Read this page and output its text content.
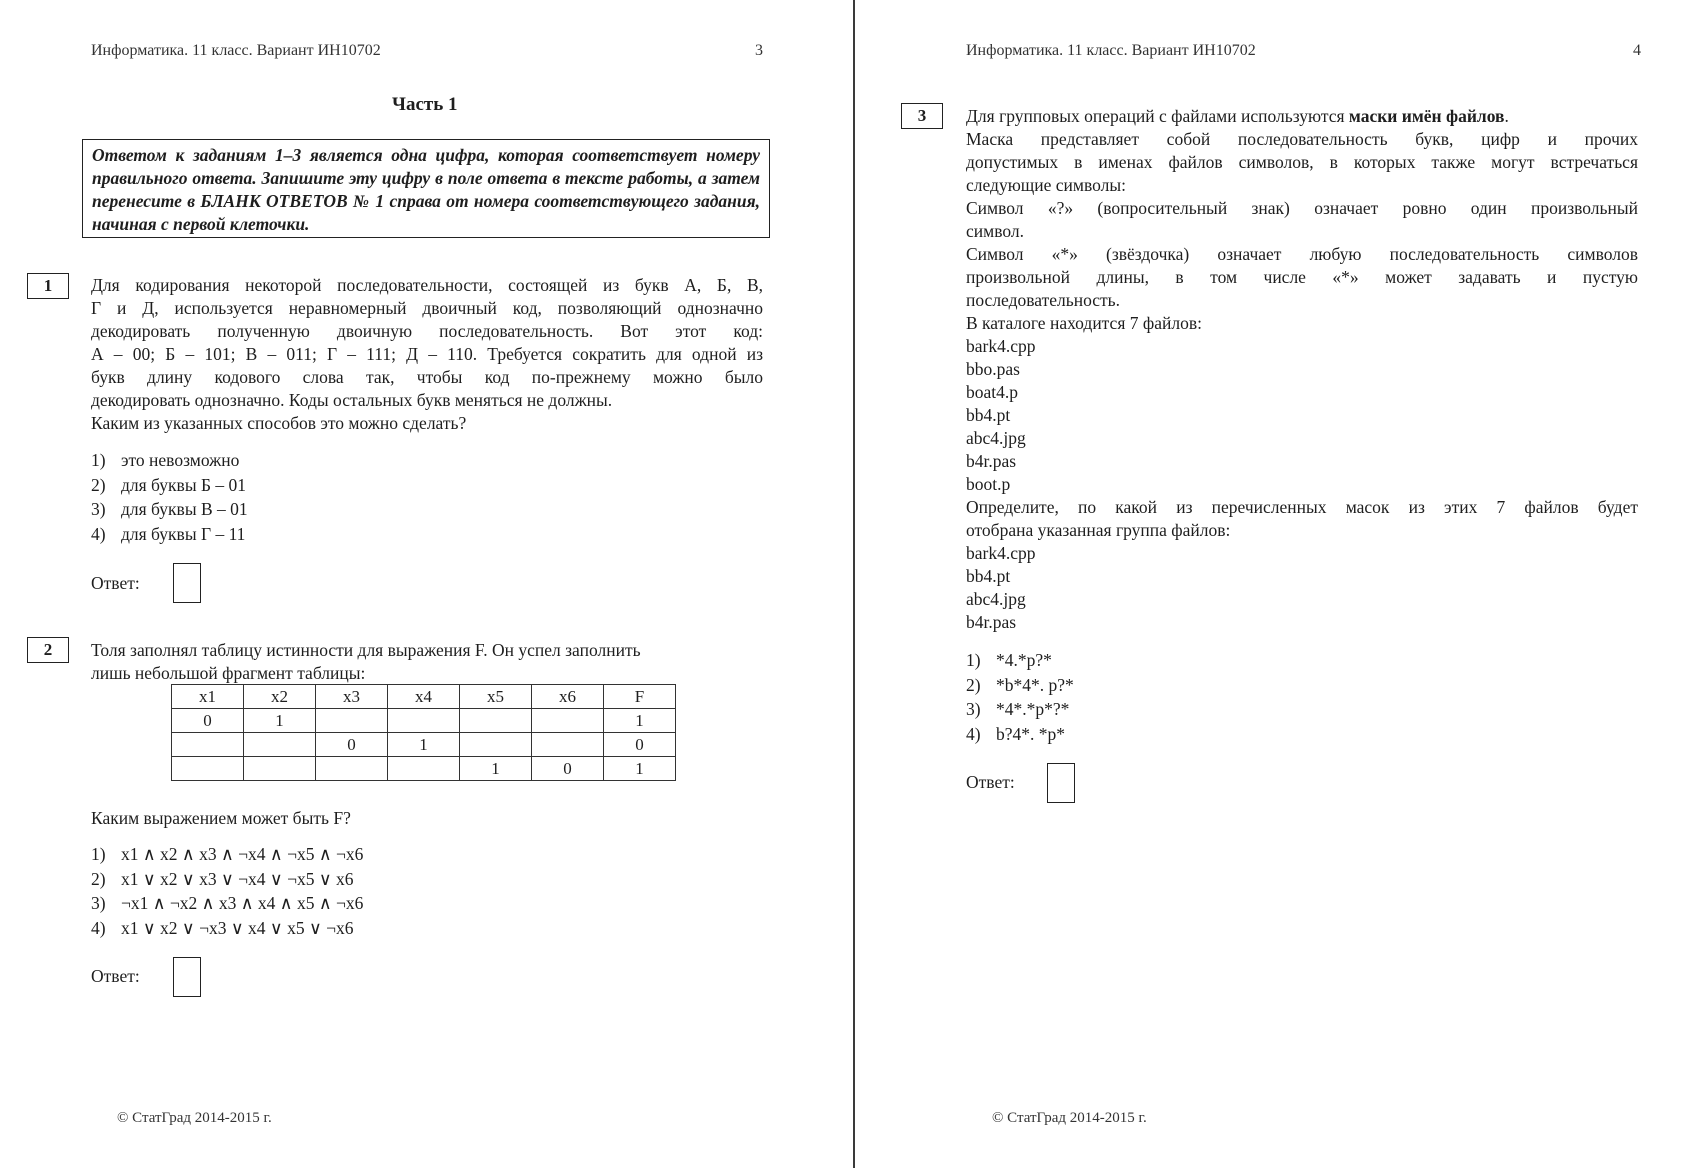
Информатика. 11 класс. Вариант ИН10702	3
Часть 1
Ответом к заданиям 1–3 является одна цифра, которая соответствует номеру правильного ответа. Запишите эту цифру в поле ответа в тексте работы, а затем перенесите в БЛАНК ОТВЕТОВ № 1 справа от номера соответствующего задания, начиная с первой клеточки.
1	Для кодирования некоторой последовательности, состоящей из букв А, Б, В,
Г и Д, используется неравномерный двоичный код, позволяющий однозначно
декодировать полученную двоичную последовательность. Вот этот код:
А – 00; Б – 101; В – 011; Г – 111; Д – 110. Требуется сократить для одной из
букв длину кодового слова так, чтобы код по-прежнему можно было
декодировать однозначно. Коды остальных букв меняться не должны.
Каким из указанных способов это можно сделать?
1) это невозможно
2) для буквы Б – 01
3) для буквы В – 01
4) для буквы Г – 11
Ответ:
2	Толя заполнял таблицу истинности для выражения F. Он успел заполнить
лишь небольшой фрагмент таблицы:
x1	x2	x3	x4	x5	x6	F
0	1					1
		0	1			0
				1	0	1
Каким выражением может быть F?
1) x1 ∧ x2 ∧ x3 ∧ ¬x4 ∧ ¬x5 ∧ ¬x6
2) x1 ∨ x2 ∨ x3 ∨ ¬x4 ∨ ¬x5 ∨ x6
3) ¬x1 ∧ ¬x2 ∧ x3 ∧ x4 ∧ x5 ∧ ¬x6
4) x1 ∨ x2 ∨ ¬x3 ∨ x4 ∨ x5 ∨ ¬x6
Ответ:
© СтатГрад 2014-2015 г.
Информатика. 11 класс. Вариант ИН10702	4
3	Для групповых операций с файлами используются маски имён файлов.
Маска представляет собой последовательность букв, цифр и прочих
допустимых в именах файлов символов, в которых также могут встречаться
следующие символы:
Символ «?» (вопросительный знак) означает ровно один произвольный
символ.
Символ «*» (звёздочка) означает любую последовательность символов
произвольной длины, в том числе «*» может задавать и пустую
последовательность.
В каталоге находится 7 файлов:
bark4.cpp
bbo.pas
boat4.p
bb4.pt
abc4.jpg
b4r.pas
boot.p
Определите, по какой из перечисленных масок из этих 7 файлов будет
отобрана указанная группа файлов:
bark4.cpp
bb4.pt
abc4.jpg
b4r.pas
1) *4.*p?*
2) *b*4*. p?*
3) *4*.*p*?*
4) b?4*. *p*
Ответ:
© СтатГрад 2014-2015 г.
